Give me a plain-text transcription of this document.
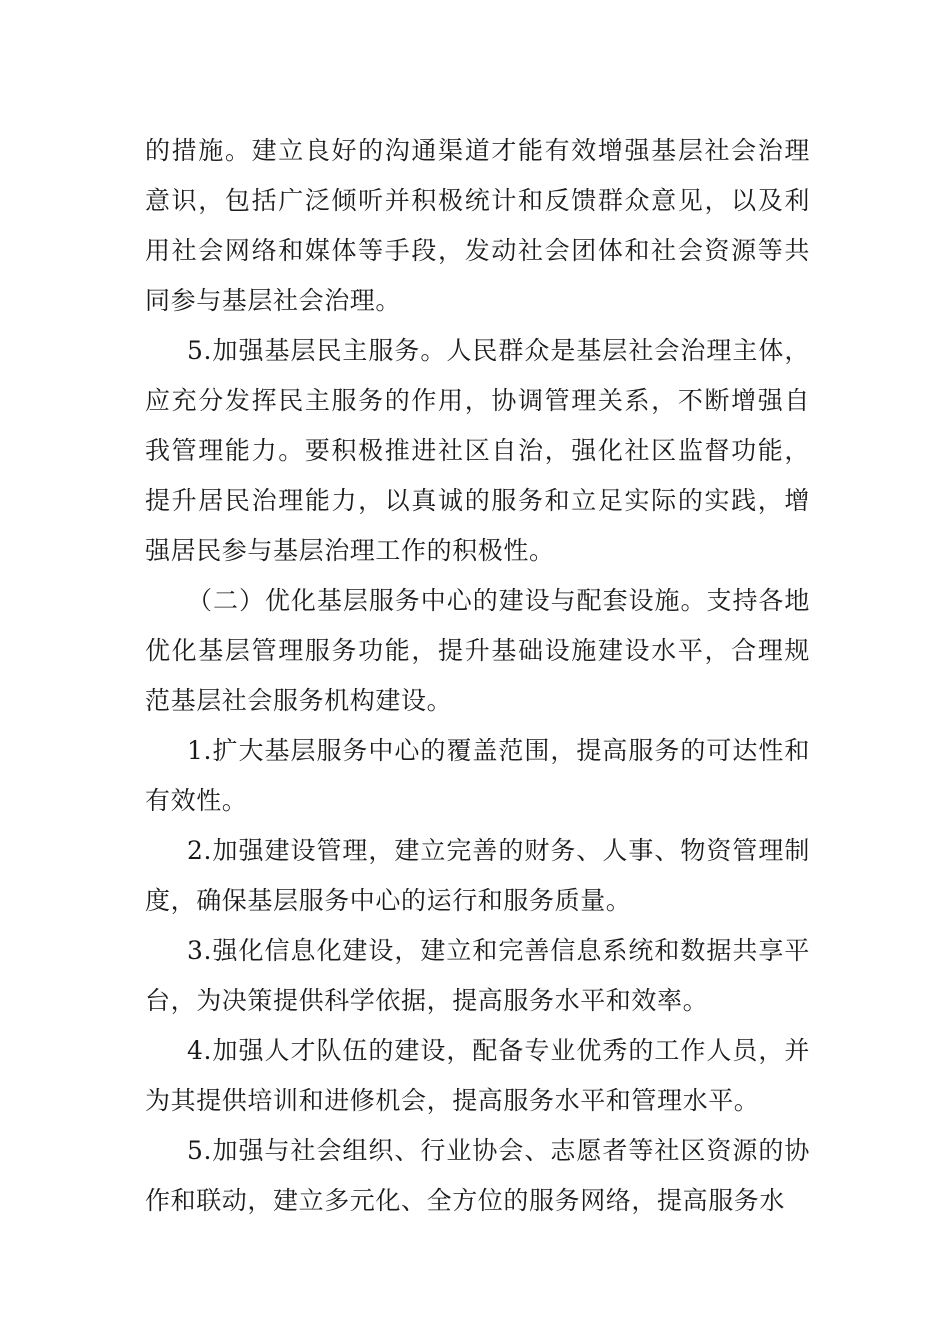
的措施。建立良好的沟通渠道才能有效增强基层社会治理意识，包括广泛倾听并积极统计和反馈群众意见，以及利用社会网络和媒体等手段，发动社会团体和社会资源等共同参与基层社会治理。

5.加强基层民主服务。人民群众是基层社会治理主体，应充分发挥民主服务的作用，协调管理关系，不断增强自我管理能力。要积极推进社区自治，强化社区监督功能，提升居民治理能力，以真诚的服务和立足实际的实践，增强居民参与基层治理工作的积极性。

（二）优化基层服务中心的建设与配套设施。支持各地优化基层管理服务功能，提升基础设施建设水平，合理规范基层社会服务机构建设。

1.扩大基层服务中心的覆盖范围，提高服务的可达性和有效性。

2.加强建设管理，建立完善的财务、人事、物资管理制度，确保基层服务中心的运行和服务质量。

3.强化信息化建设，建立和完善信息系统和数据共享平台，为决策提供科学依据，提高服务水平和效率。

4.加强人才队伍的建设，配备专业优秀的工作人员，并为其提供培训和进修机会，提高服务水平和管理水平。

5.加强与社会组织、行业协会、志愿者等社区资源的协作和联动，建立多元化、全方位的服务网络，提高服务水
